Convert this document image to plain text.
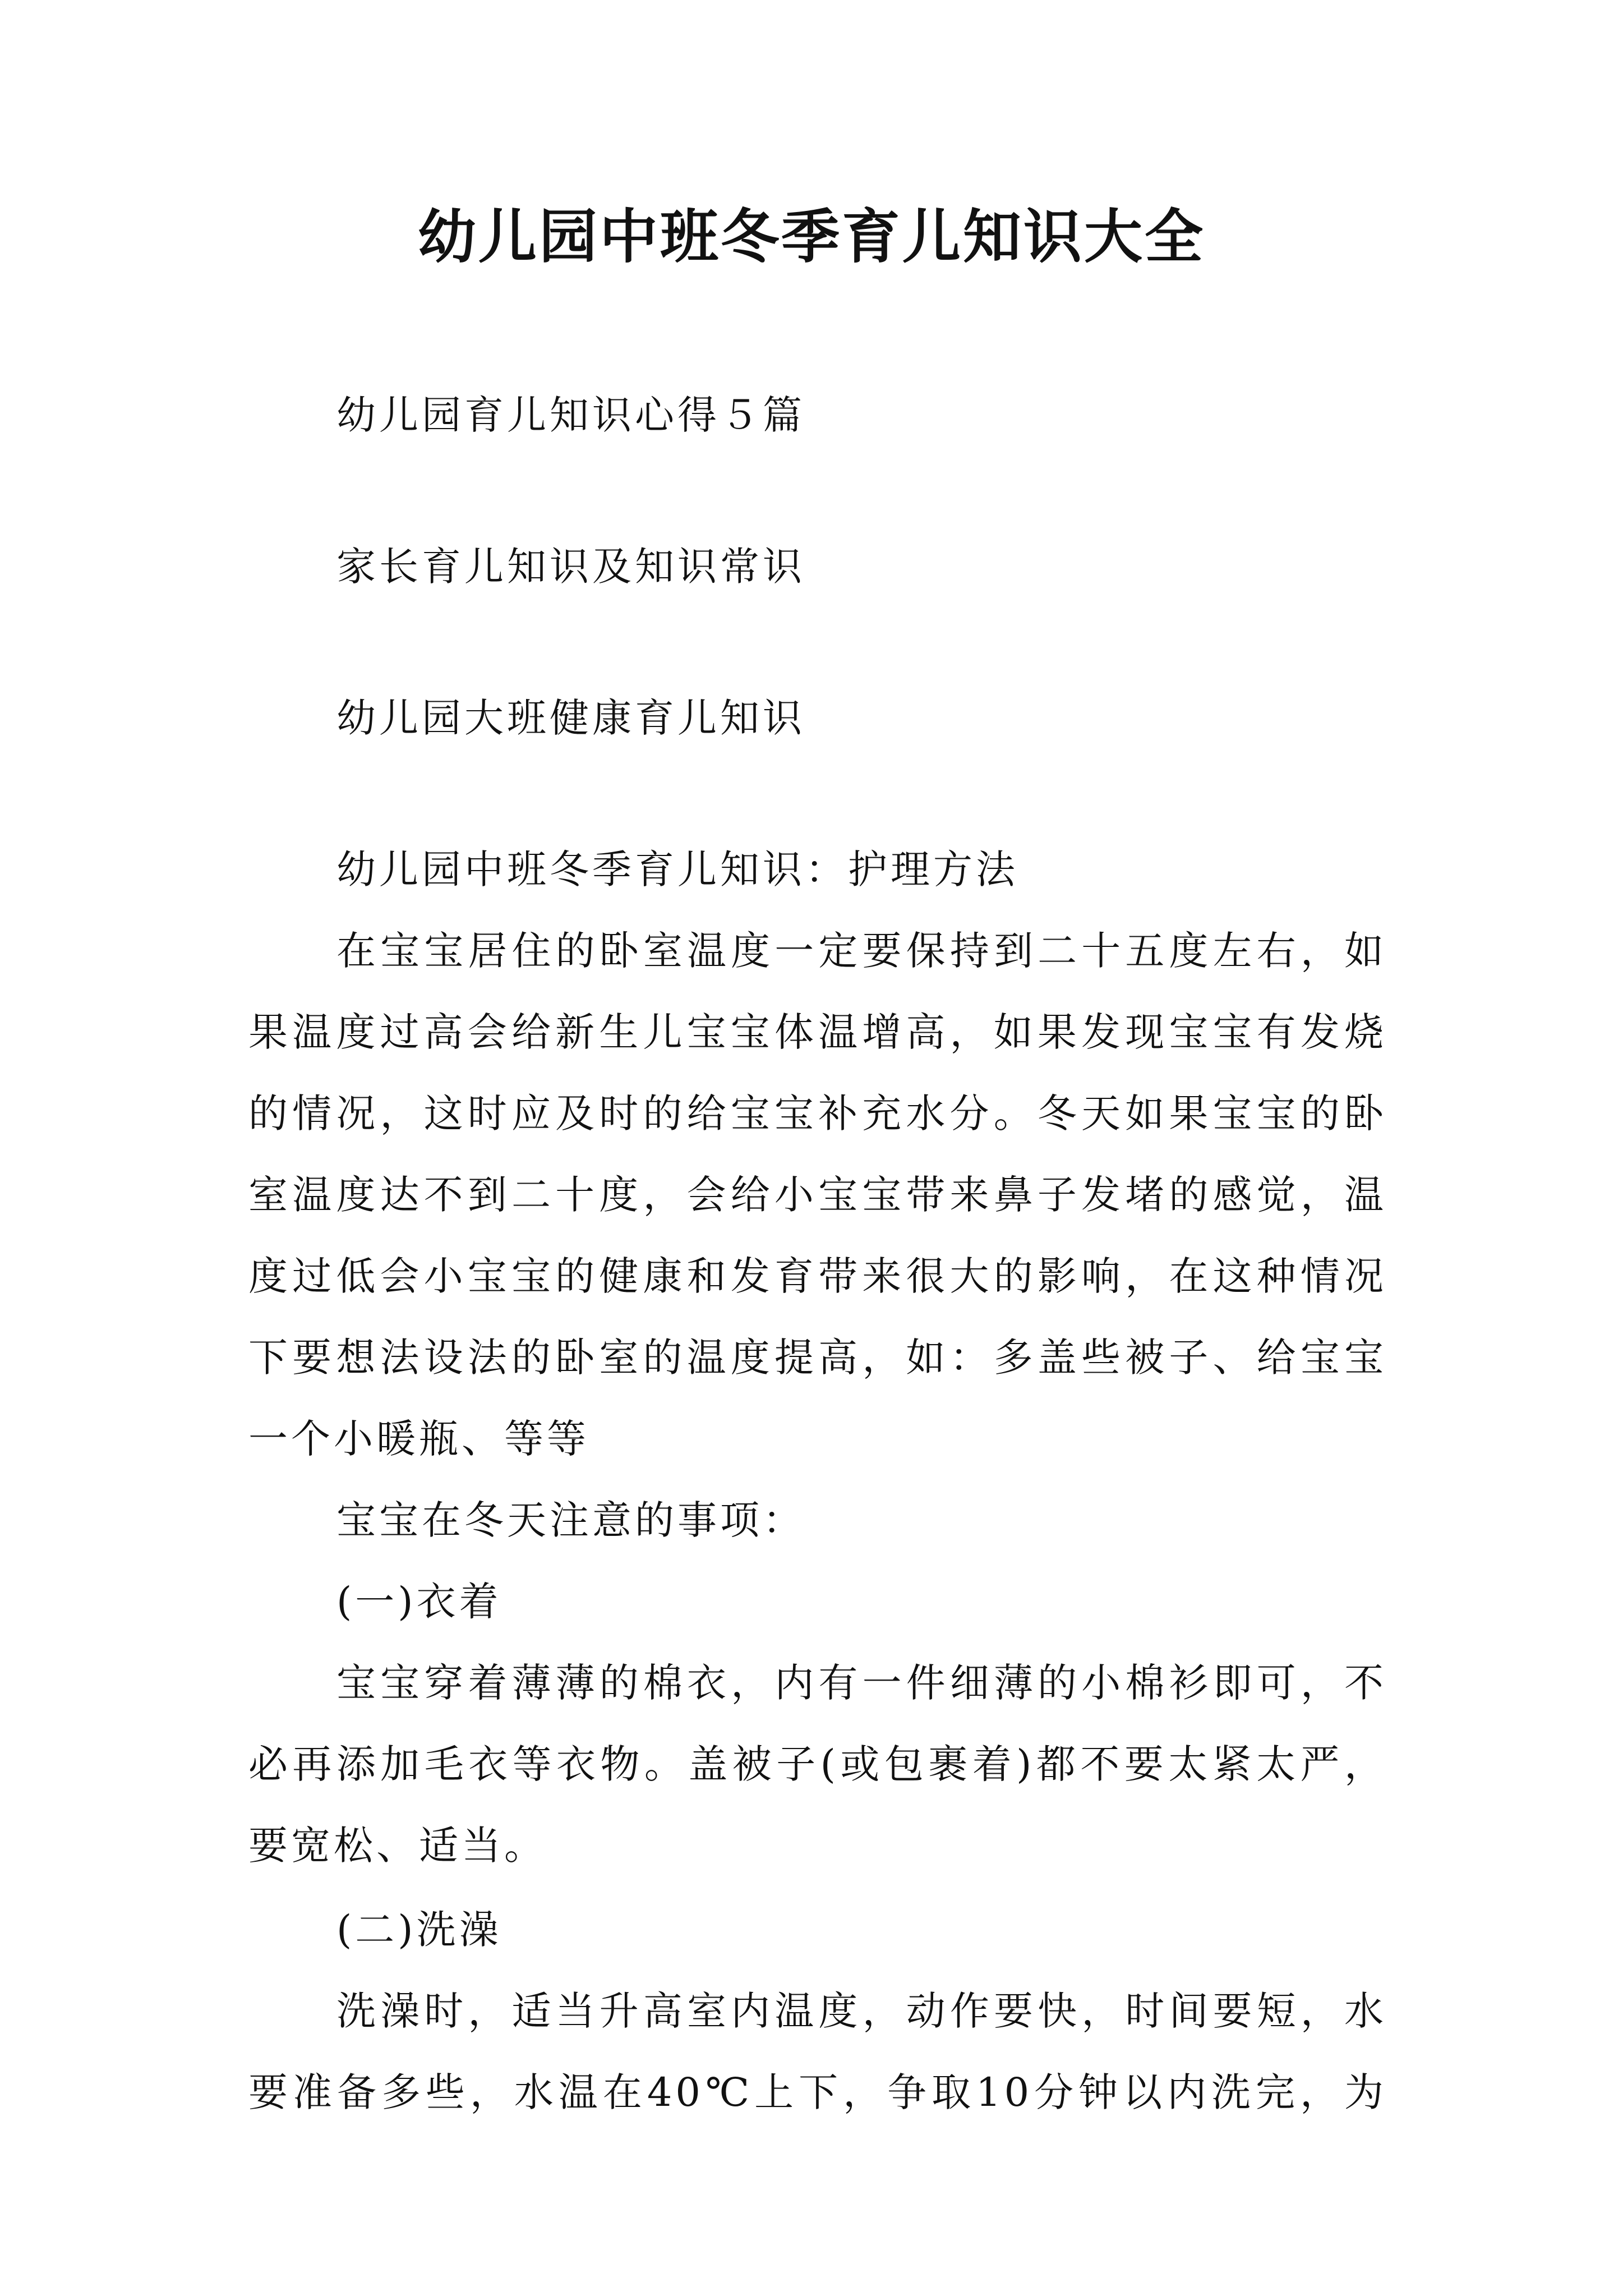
幼儿园中班冬季育儿知识大全
幼儿园育儿知识心得５篇
家长育儿知识及知识常识
幼儿园大班健康育儿知识
幼儿园中班冬季育儿知识：护理方法
在宝宝居住的卧室温度一定要保持到二十五度左右，如
果温度过高会给新生儿宝宝体温增高，如果发现宝宝有发烧
的情况，这时应及时的给宝宝补充水分。冬天如果宝宝的卧
室温度达不到二十度，会给小宝宝带来鼻子发堵的感觉，温
度过低会小宝宝的健康和发育带来很大的影响，在这种情况
下要想法设法的卧室的温度提高，如：多盖些被子、给宝宝
一个小暖瓶、等等
宝宝在冬天注意的事项：
(一)衣着
宝宝穿着薄薄的棉衣，内有一件细薄的小棉衫即可，不
必再添加毛衣等衣物。盖被子(或包裹着)都不要太紧太严，
要宽松、适当。
(二)洗澡
洗澡时，适当升高室内温度，动作要快，时间要短，水
要准备多些，水温在40℃上下，争取10分钟以内洗完，为
